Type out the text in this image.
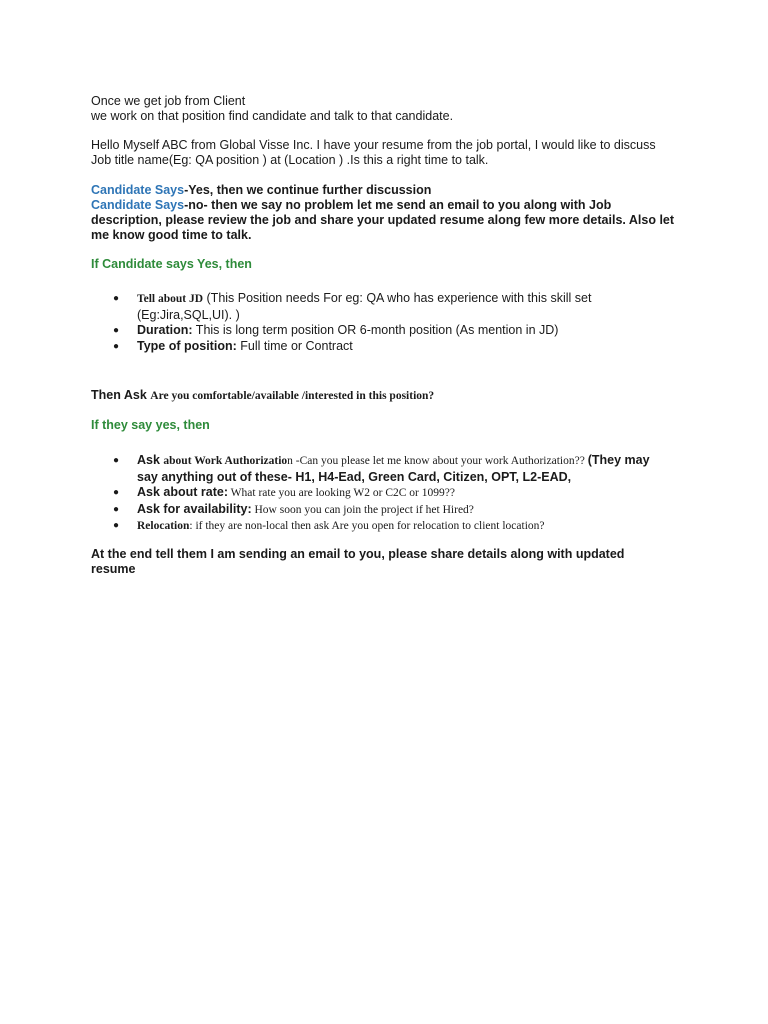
Once we get job from Client
we work on that position find candidate and talk to that candidate.
Hello Myself ABC from Global Visse Inc. I have your resume from the job portal, I would like to discuss
Job title name(Eg: QA position ) at (Location ) .Is this a right time to talk.
Candidate Says-Yes, then we continue further discussion
Candidate Says-no- then we say no problem let me send an email to you along with Job description, please review the job and share your updated resume along few more details. Also let me know good time to talk.
If Candidate says Yes, then
● Tell about JD (This Position needs For eg: QA who has experience with this skill set (Eg:Jira,SQL,UI). )
● Duration: This is long term position OR 6-month position (As mention in JD)
● Type of position: Full time or Contract
Then Ask Are you comfortable/available /interested in this position?
If they say yes, then
● Ask about Work Authorization -Can you please let me know about your work Authorization?? (They may say anything out of these- H1, H4-Ead, Green Card, Citizen, OPT, L2-EAD,
● Ask about rate: What rate you are looking W2 or C2C or 1099??
● Ask for availability: How soon you can join the project if het Hired?
● Relocation: if they are non-local then ask Are you open for relocation to client location?
At the end tell them I am sending an email to you, please share details along with updated resume
